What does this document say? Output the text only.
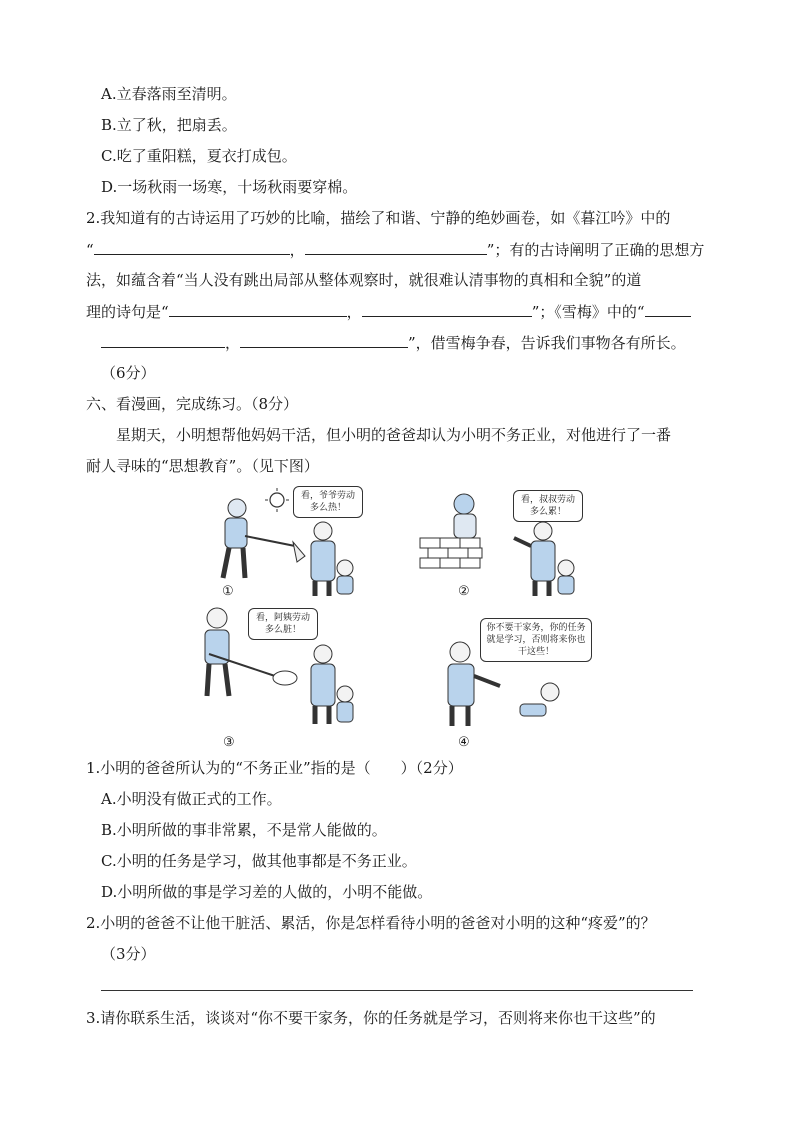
A.立春落雨至清明。
B.立了秋，把扇丢。
C.吃了重阳糕，夏衣打成包。
D.一场秋雨一场寒，十场秋雨要穿棉。
2.我知道有的古诗运用了巧妙的比喻，描绘了和谐、宁静的绝妙画卷，如《暮江吟》中的
“	，	”；有的古诗阐明了正确的思想方
法，如蕴含着“当人没有跳出局部从整体观察时，就很难认清事物的真相和全貌”的道
理的诗句是“	，	”；《雪梅》中的“
，	”，借雪梅争春，告诉我们事物各有所长。
（6分）
六、看漫画，完成练习。（8分）
星期天，小明想帮他妈妈干活，但小明的爸爸却认为小明不务正业，对他进行了一番
耐人寻味的“思想教育”。（见下图）
看，爷爷劳动多么热！
①
看，叔叔劳动多么累！
②
看，阿姨劳动多么脏！
③
你不要干家务，你的任务就是学习，否则将来你也干这些！
④
1.小明的爸爸所认为的“不务正业”指的是（　　）（2分）
A.小明没有做正式的工作。
B.小明所做的事非常累，不是常人能做的。
C.小明的任务是学习，做其他事都是不务正业。
D.小明所做的事是学习差的人做的，小明不能做。
2.小明的爸爸不让他干脏活、累活，你是怎样看待小明的爸爸对小明的这种“疼爱”的？
（3分）
3.请你联系生活，谈谈对“你不要干家务，你的任务就是学习，否则将来你也干这些”的
